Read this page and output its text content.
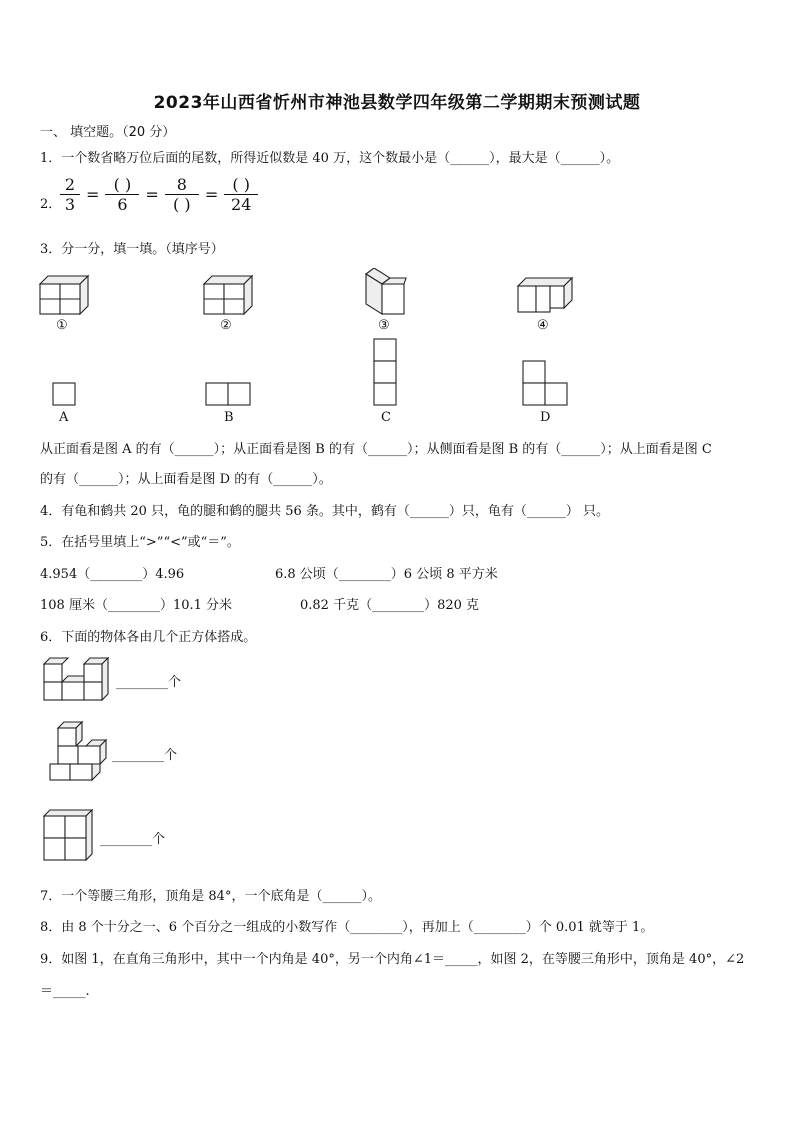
2023年山西省忻州市神池县数学四年级第二学期期末预测试题
一、 填空题。（20 分）
1．一个数省略万位后面的尾数，所得近似数是 40 万，这个数最小是（______），最大是（______）。
2．
$\frac{2}{3} = \frac{( )}{6} = \frac{8}{( )} = \frac{( )}{24}$
3．分一分，填一填。（填序号）
①	②	③	④
A	B	C	D
从正面看是图 A 的有（______）；从正面看是图 B 的有（______）；从侧面看是图 B 的有（______）；从上面看是图 C
的有（______）；从上面看是图 D 的有（______）。
4．有龟和鹤共 20 只，龟的腿和鹤的腿共 56 条。其中，鹤有（______）只，龟有（______） 只。
5．在括号里填上“>”“<”或“＝”。
4.954（________）4.96	6.8 公顷（________）6 公顷 8 平方米
108 厘米（________）10.1 分米	0.82 千克（________）820 克
6．下面的物体各由几个正方体搭成。
________个
________个
________个
7．一个等腰三角形，顶角是 84°，一个底角是（______）。
8．由 8 个十分之一、6 个百分之一组成的小数写作（________），再加上（________）个 0.01 就等于 1。
9．如图 1，在直角三角形中，其中一个内角是 40°，另一个内角∠1＝_____，如图 2，在等腰三角形中，顶角是 40°，∠2
＝_____.
